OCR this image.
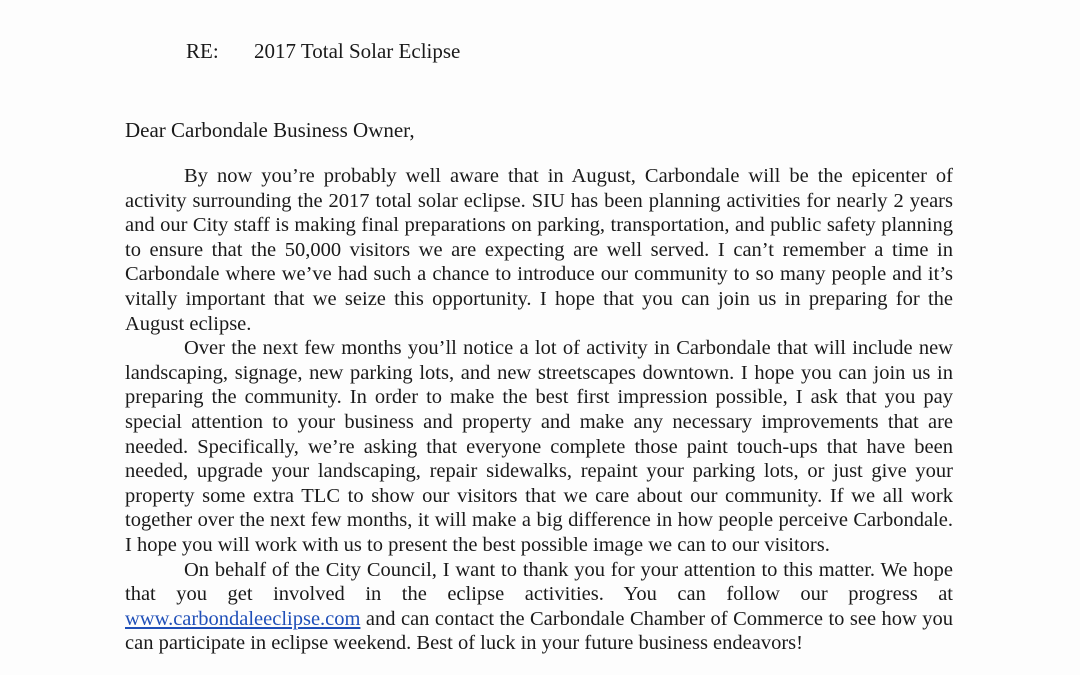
RE: 2017 Total Solar Eclipse
Dear Carbondale Business Owner,

By now you’re probably well aware that in August, Carbondale will be the epicenter of activity surrounding the 2017 total solar eclipse. SIU has been planning activities for nearly 2 years and our City staff is making final preparations on parking, transportation, and public safety planning to ensure that the 50,000 visitors we are expecting are well served. I can’t remember a time in Carbondale where we’ve had such a chance to introduce our community to so many people and it’s vitally important that we seize this opportunity. I hope that you can join us in preparing for the August eclipse.

Over the next few months you’ll notice a lot of activity in Carbondale that will include new landscaping, signage, new parking lots, and new streetscapes downtown. I hope you can join us in preparing the community. In order to make the best first impression possible, I ask that you pay special attention to your business and property and make any necessary improvements that are needed. Specifically, we’re asking that everyone complete those paint touch-ups that have been needed, upgrade your landscaping, repair sidewalks, repaint your parking lots, or just give your property some extra TLC to show our visitors that we care about our community. If we all work together over the next few months, it will make a big difference in how people perceive Carbondale. I hope you will work with us to present the best possible image we can to our visitors.

On behalf of the City Council, I want to thank you for your attention to this matter. We hope that you get involved in the eclipse activities. You can follow our progress at www.carbondaleeclipse.com and can contact the Carbondale Chamber of Commerce to see how you can participate in eclipse weekend. Best of luck in your future business endeavors!
